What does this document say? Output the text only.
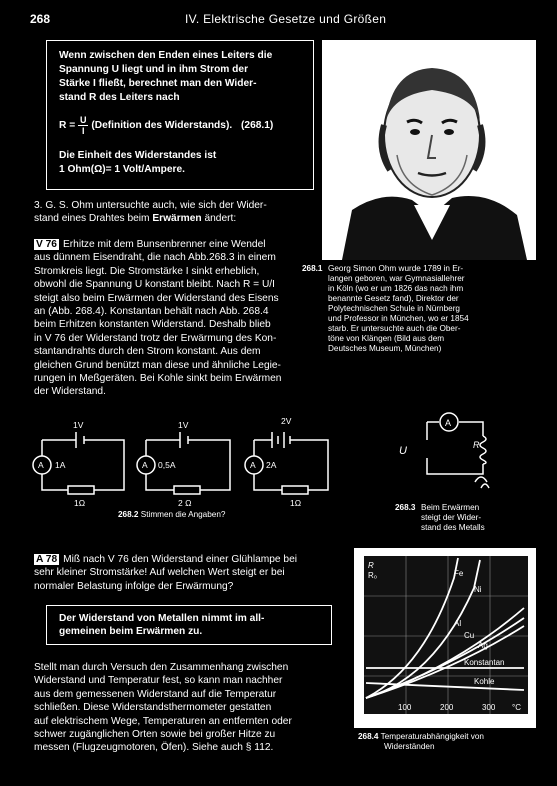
268	IV. Elektrische Gesetze und Größen
Wenn zwischen den Enden eines Leiters die
Spannung U liegt und in ihm Strom der
Stärke I fließt, berechnet man den Wider-
stand R des Leiters nach
$R = \frac{U}{I}$ (Definition des Widerstands). (268.1)
Die Einheit des Widerstandes ist
1 Ohm(Ω)= 1 Volt/Ampere.
3. G. S. Ohm untersuchte auch, wie sich der Wider-
stand eines Drahtes beim Erwärmen ändert:
V 76 Erhitze mit dem Bunsenbrenner eine Wendel
aus dünnem Eisendraht, die nach Abb.268.3 in einem
Stromkreis liegt. Die Stromstärke I sinkt erheblich,
obwohl die Spannung U konstant bleibt. Nach R = U/I
steigt also beim Erwärmen der Widerstand des Eisens
an (Abb. 268.4). Konstantan behält nach Abb. 268.4
beim Erhitzen konstanten Widerstand. Deshalb blieb
in V 76 der Widerstand trotz der Erwärmung des Kon-
stantandrahts durch den Strom konstant. Aus dem
gleichen Grund benützt man diese und ähnliche Legie-
rungen in Meßgeräten. Bei Kohle sinkt beim Erwärmen
der Widerstand.
268.1 Georg Simon Ohm wurde 1789 in Er-
langen geboren, war Gymnasiallehrer
in Köln (wo er um 1826 das nach ihm
benannte Gesetz fand), Direktor der
Polytechnischen Schule in Nürnberg
und Professor in München, wo er 1854
starb. Er untersuchte auch die Ober-
töne von Klängen (Bild aus dem
Deutsches Museum, München)
A	A	A
1V
1A
1Ω
1V
0,5A
2 Ω
2V
2A
1Ω
268.2 Stimmen die Angaben?
U
A
R
268.3 Beim Erwärmen
steigt der Wider-
stand des Metalls
A 78 Miß nach V 76 den Widerstand einer Glühlampe bei
sehr kleiner Stromstärke! Auf welchen Wert steigt er bei
normaler Belastung infolge der Erwärmung?
Der Widerstand von Metallen nimmt im all-
gemeinen beim Erwärmen zu.
Stellt man durch Versuch den Zusammenhang zwischen
Widerstand und Temperatur fest, so kann man nachher
aus dem gemessenen Widerstand auf die Temperatur
schließen. Diese Widerstandsthermometer gestatten
auf elektrischem Wege, Temperaturen an entfernten oder
schwer zugänglichen Orten sowie bei großer Hitze zu
messen (Flugzeugmotoren, Öfen). Siehe auch § 112.
R
R₀	Fe
Ni
Al
Cu
Ag
Konstantan
Kohle
100	200	300 °C
268.4 Temperaturabhängigkeit von
Widerständen
